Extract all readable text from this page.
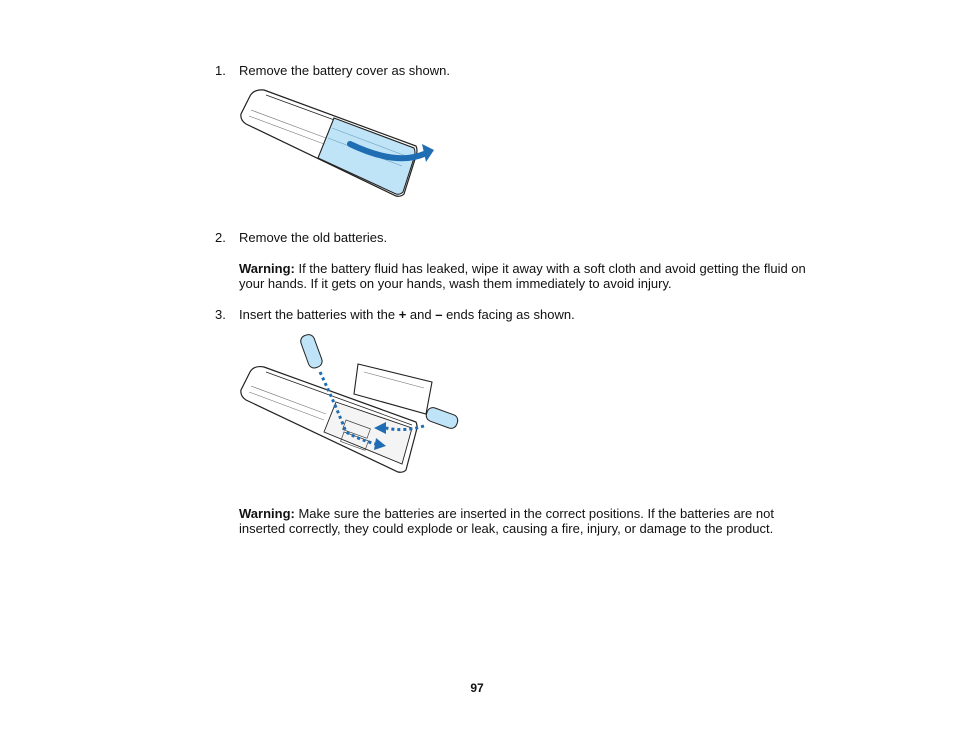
1. Remove the battery cover as shown.
2. Remove the old batteries.
Warning: If the battery fluid has leaked, wipe it away with a soft cloth and avoid getting the fluid on your hands. If it gets on your hands, wash them immediately to avoid injury.
3. Insert the batteries with the + and – ends facing as shown.
Warning: Make sure the batteries are inserted in the correct positions. If the batteries are not inserted correctly, they could explode or leak, causing a fire, injury, or damage to the product.
97
